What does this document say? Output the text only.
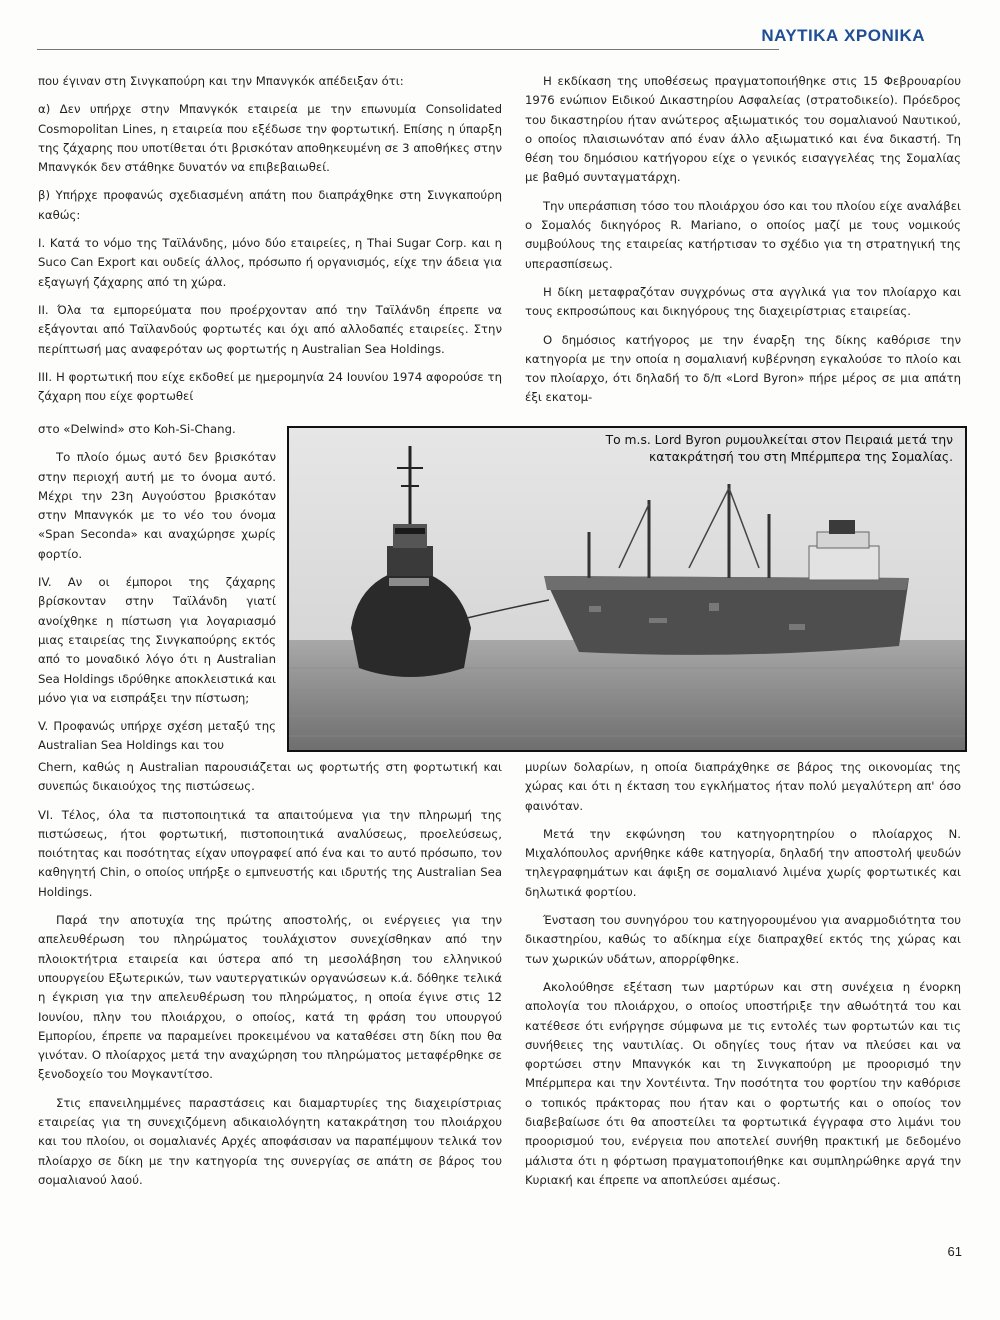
ΝΑΥΤΙΚΑ ΧΡΟΝΙΚΑ

που έγιναν στη Σινγκαπούρη και την Μπανγκόκ απέδειξαν ότι:

α) Δεν υπήρχε στην Μπανγκόκ εταιρεία με την επωνυμία Consolidated Cosmopolitan Lines, η εταιρεία που εξέδωσε την φορτωτική. Επίσης η ύπαρξη της ζάχαρης που υποτίθεται ότι βρισκόταν αποθηκευμένη σε 3 αποθήκες στην Μπανγκόκ δεν στάθηκε δυνατόν να επιβεβαιωθεί.

β) Υπήρχε προφανώς σχεδιασμένη απάτη που διαπράχθηκε στη Σινγκαπούρη καθώς:

I. Κατά το νόμο της Ταϊλάνδης, μόνο δύο εταιρείες, η Thai Sugar Corp. και η Suco Can Export και ουδείς άλλος, πρόσωπο ή οργανισμός, είχε την άδεια για εξαγωγή ζάχαρης από τη χώρα.

II. Όλα τα εμπορεύματα που προέρχονταν από την Ταϊλάνδη έπρεπε να εξάγονται από Ταϊλανδούς φορτωτές και όχι από αλλοδαπές εταιρείες. Στην περίπτωσή μας αναφερόταν ως φορτωτής η Australian Sea Holdings.

III. Η φορτωτική που είχε εκδοθεί με ημερομηνία 24 Ιουνίου 1974 αφορούσε τη ζάχαρη που είχε φορτωθεί

στο «Delwind» στο Koh-Si-Chang.

Το πλοίο όμως αυτό δεν βρισκόταν στην περιοχή αυτή με το όνομα αυτό. Μέχρι την 23η Αυγούστου βρισκόταν στην Μπανγκόκ με το νέο του όνομα «Span Seconda» και αναχώρησε χωρίς φορτίο.

IV. Αν οι έμποροι της ζάχαρης βρίσκονταν στην Ταϊλάνδη γιατί ανοίχθηκε η πίστωση για λογαριασμό μιας εταιρείας της Σινγκαπούρης εκτός από το μοναδικό λόγο ότι η Australian Sea Holdings ιδρύθηκε αποκλειστικά και μόνο για να εισπράξει την πίστωση;

V. Προφανώς υπήρχε σχέση μεταξύ της Australian Sea Holdings και του

Chern, καθώς η Australian παρουσιάζεται ως φορτωτής στη φορτωτική και συνεπώς δικαιούχος της πιστώσεως.

VI. Τέλος, όλα τα πιστοποιητικά τα απαιτούμενα για την πληρωμή της πιστώσεως, ήτοι φορτωτική, πιστοποιητικά αναλύσεως, προελεύσεως, ποιότητας και ποσότητας είχαν υπογραφεί από ένα και το αυτό πρόσωπο, τον καθηγητή Chin, ο οποίος υπήρξε ο εμπνευστής και ιδρυτής της Australian Sea Holdings.

Παρά την αποτυχία της πρώτης αποστολής, οι ενέργειες για την απελευθέρωση του πληρώματος τουλάχιστον συνεχίσθηκαν από την πλοιοκτήτρια εταιρεία και ύστερα από τη μεσολάβηση του ελληνικού υπουργείου Εξωτερικών, των ναυτεργατικών οργανώσεων κ.ά. δόθηκε τελικά η έγκριση για την απελευθέρωση του πληρώματος, η οποία έγινε στις 12 Ιουνίου, πλην του πλοιάρχου, ο οποίος, κατά τη φράση του υπουργού Εμπορίου, έπρεπε να παραμείνει προκειμένου να καταθέσει στη δίκη που θα γινόταν. Ο πλοίαρχος μετά την αναχώρηση του πληρώματος μεταφέρθηκε σε ξενοδοχείο του Μογκαντίτσο.

Στις επανειλημμένες παραστάσεις και διαμαρτυρίες της διαχειρίστριας εταιρείας για τη συνεχιζόμενη αδικαιολόγητη κατακράτηση του πλοιάρχου και του πλοίου, οι σομαλιανές Αρχές αποφάσισαν να παραπέμψουν τελικά τον πλοίαρχο σε δίκη με την κατηγορία της συνεργίας σε απάτη σε βάρος του σομαλιανού λαού.

Η εκδίκαση της υποθέσεως πραγματοποιήθηκε στις 15 Φεβρουαρίου 1976 ενώπιον Ειδικού Δικαστηρίου Ασφαλείας (στρατοδικείο). Πρόεδρος του δικαστηρίου ήταν ανώτερος αξιωματικός του σομαλιανού Ναυτικού, ο οποίος πλαισιωνόταν από έναν άλλο αξιωματικό και ένα δικαστή. Τη θέση του δημόσιου κατήγορου είχε ο γενικός εισαγγελέας της Σομαλίας με βαθμό συνταγματάρχη.

Την υπεράσπιση τόσο του πλοιάρχου όσο και του πλοίου είχε αναλάβει ο Σομαλός δικηγόρος R. Mariano, ο οποίος μαζί με τους νομικούς συμβούλους της εταιρείας κατήρτισαν το σχέδιο για τη στρατηγική της υπερασπίσεως.

Η δίκη μεταφραζόταν συγχρόνως στα αγγλικά για τον πλοίαρχο και τους εκπροσώπους και δικηγόρους της διαχειρίστριας εταιρείας.

Ο δημόσιος κατήγορος με την έναρξη της δίκης καθόρισε την κατηγορία με την οποία η σομαλιανή κυβέρνηση εγκαλούσε το πλοίο και τον πλοίαρχο, ότι δηλαδή το δ/π «Lord Byron» πήρε μέρος σε μια απάτη έξι εκατομ-

μυρίων δολαρίων, η οποία διαπράχθηκε σε βάρος της οικονομίας της χώρας και ότι η έκταση του εγκλήματος ήταν πολύ μεγαλύτερη απ' όσο φαινόταν.

Μετά την εκφώνηση του κατηγορητηρίου ο πλοίαρχος Ν. Μιχαλόπουλος αρνήθηκε κάθε κατηγορία, δηλαδή την αποστολή ψευδών τηλεγραφημάτων και άφιξη σε σομαλιανό λιμένα χωρίς φορτωτικές και δηλωτικά φορτίου.

Ένσταση του συνηγόρου του κατηγορουμένου για αναρμοδιότητα του δικαστηρίου, καθώς το αδίκημα είχε διαπραχθεί εκτός της χώρας και των χωρικών υδάτων, απορρίφθηκε.

Ακολούθησε εξέταση των μαρτύρων και στη συνέχεια η ένορκη απολογία του πλοιάρχου, ο οποίος υποστήριξε την αθωότητά του και κατέθεσε ότι ενήργησε σύμφωνα με τις εντολές των φορτωτών και τις συνήθειες της ναυτιλίας. Οι οδηγίες τους ήταν να πλεύσει και να φορτώσει στην Μπανγκόκ και τη Σινγκαπούρη με προορισμό την Μπέρμπερα και την Χοντέιντα. Την ποσότητα του φορτίου την καθόρισε ο τοπικός πράκτορας που ήταν και ο φορτωτής και ο οποίος τον διαβεβαίωσε ότι θα αποστείλει τα φορτωτικά έγγραφα στο λιμάνι του προορισμού του, ενέργεια που αποτελεί συνήθη πρακτική με δεδομένο μάλιστα ότι η φόρτωση πραγματοποιήθηκε και συμπληρώθηκε αργά την Κυριακή και έπρεπε να αποπλεύσει αμέσως.

Το m.s. Lord Byron ρυμουλκείται στον Πειραιά μετά την κατακράτησή του στη Μπέρμπερα της Σομαλίας.
61
